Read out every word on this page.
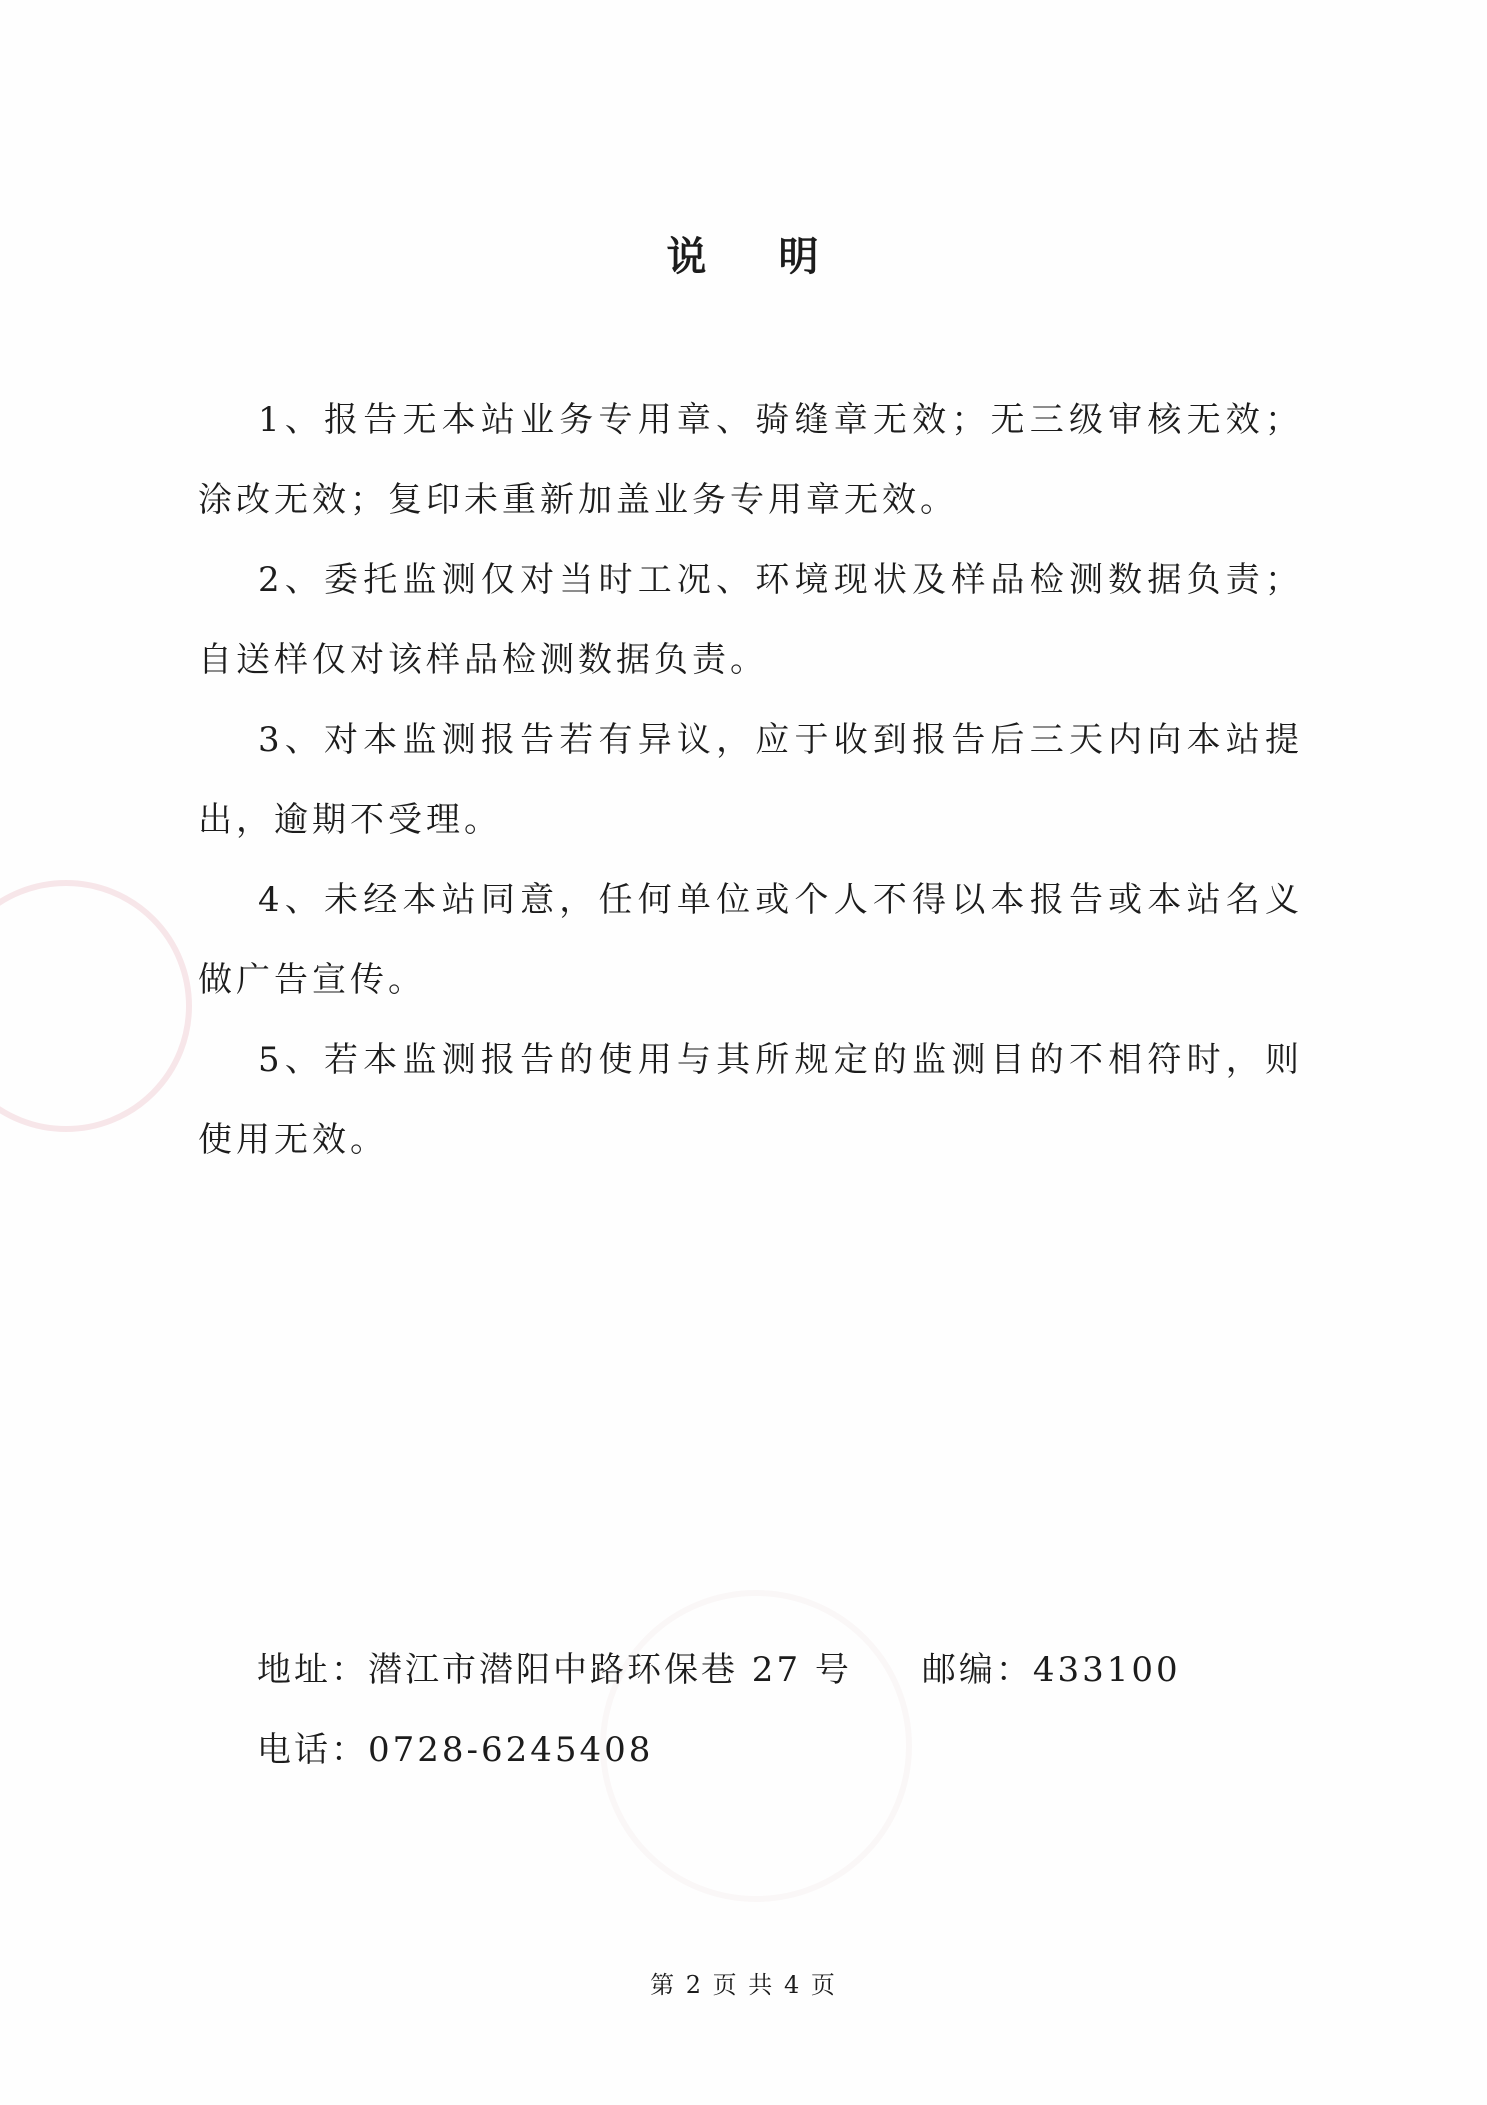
说 明

1、报告无本站业务专用章、骑缝章无效；无三级审核无效；涂改无效；复印未重新加盖业务专用章无效。

2、委托监测仅对当时工况、环境现状及样品检测数据负责；自送样仅对该样品检测数据负责。

3、对本监测报告若有异议，应于收到报告后三天内向本站提出，逾期不受理。

4、未经本站同意，任何单位或个人不得以本报告或本站名义做广告宣传。

5、若本监测报告的使用与其所规定的监测目的不相符时，则使用无效。

地址：潜江市潜阳中路环保巷 27 号 邮编：433100
电话：0728-6245408
第 2 页 共 4 页
